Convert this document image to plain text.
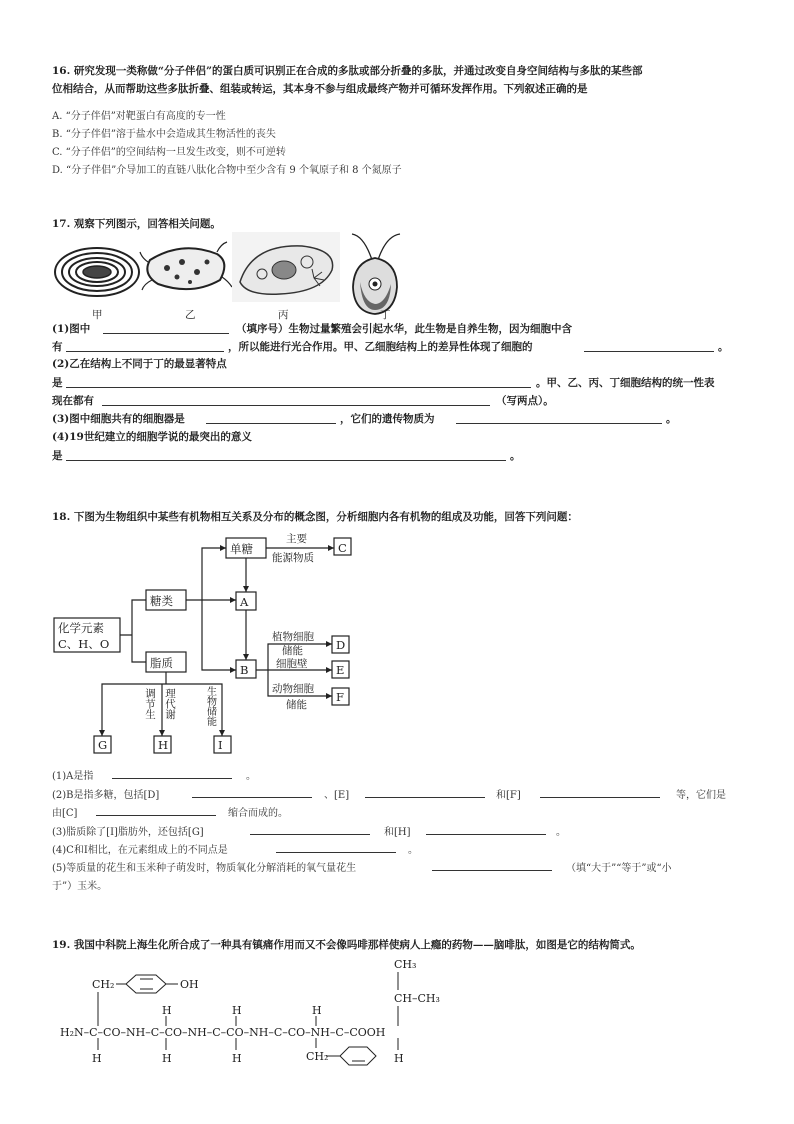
16. 研究发现一类称做“分子伴侣”的蛋白质可识别正在合成的多肽或部分折叠的多肽，并通过改变自身空间结构与多肽的某些部
位相结合，从而帮助这些多肽折叠、组装或转运，其本身不参与组成最终产物并可循环发挥作用。下列叙述正确的是
A. “分子伴侣”对靶蛋白有高度的专一性
B. “分子伴侣”溶于盐水中会造成其生物活性的丧失
C. “分子伴侣”的空间结构一旦发生改变，则不可逆转
D. “分子伴侣”介导加工的直链八肽化合物中至少含有 9 个氧原子和 8 个氮原子
17. 观察下列图示，回答相关问题。
甲	乙	丙	丁
(1)图中	（填序号）生物过量繁殖会引起水华，此生物是自养生物，因为细胞中含
有	，所以能进行光合作用。甲、乙细胞结构上的差异性体现了细胞的	。
(2)乙在结构上不同于丁的最显著特点
是	。甲、乙、丙、丁细胞结构的统一性表
现在都有	（写两点）。
(3)图中细胞共有的细胞器是	，它们的遗传物质为	。
(4)19世纪建立的细胞学说的最突出的意义
是	。
18. 下图为生物组织中某些有机物相互关系及分布的概念图，分析细胞内各有机物的组成及功能，回答下列问题：
化学元素
C、H、O
糖类
脂质
单糖
主要
能源物质
C
A
B
植物细胞
储能
细胞壁
动物细胞
储能
D
E
F
G	H	I
调节生 理代谢	生物储能
(1)A是指	。
(2)B是指多糖，包括[D]	、[E]	和[F]	等，它们是
由[C]	缩合而成的。
(3)脂质除了[I]脂肪外，还包括[G]	和[H]	。
(4)C和I相比，在元素组成上的不同点是	。
(5)等质量的花生和玉米种子萌发时，物质氧化分解消耗的氧气量花生	（填“大于”“等于”或“小
于”）玉米。
19. 我国中科院上海生化所合成了一种具有镇痛作用而又不会像吗啡那样使病人上瘾的药物——脑啡肽，如图是它的结构简式。
CH₃
CH–CH₃
CH₂	OH
H	H	H
H₂N–C–CO–NH–C–CO–NH–C–CO–NH–C–CO–NH–C–COOH
H	H	H	CH₂	H
